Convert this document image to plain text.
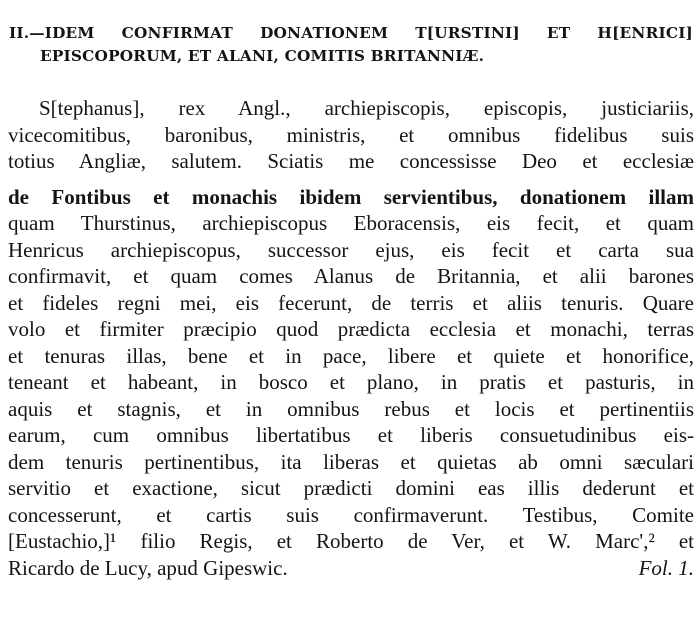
II.—IDEM CONFIRMAT DONATIONEM T[URSTINI] ET H[ENRICI]
EPISCOPORUM, ET ALANI, COMITIS BRITANNIÆ.
S[tephanus], rex Angl., archiepiscopis, episcopis, justiciariis,
vicecomitibus, baronibus, ministris, et omnibus fidelibus suis
totius Angliæ, salutem. Sciatis me concessisse Deo et ecclesiæ
de Fontibus et monachis ibidem servientibus, donationem illam
quam Thurstinus, archiepiscopus Eboracensis, eis fecit, et quam
Henricus archiepiscopus, successor ejus, eis fecit et carta sua
confirmavit, et quam comes Alanus de Britannia, et alii barones
et fideles regni mei, eis fecerunt, de terris et aliis tenuris. Quare
volo et firmiter præcipio quod prædicta ecclesia et monachi, terras
et tenuras illas, bene et in pace, libere et quiete et honorifice,
teneant et habeant, in bosco et plano, in pratis et pasturis, in
aquis et stagnis, et in omnibus rebus et locis et pertinentiis
earum, cum omnibus libertatibus et liberis consuetudinibus eis-
dem tenuris pertinentibus, ita liberas et quietas ab omni sæculari
servitio et exactione, sicut prædicti domini eas illis dederunt et
concesserunt, et cartis suis confirmaverunt. Testibus, Comite
[Eustachio,]¹ filio Regis, et Roberto de Ver, et W. Marc',² et
Ricardo de Lucy, apud Gipeswic.	Fol. 1.
